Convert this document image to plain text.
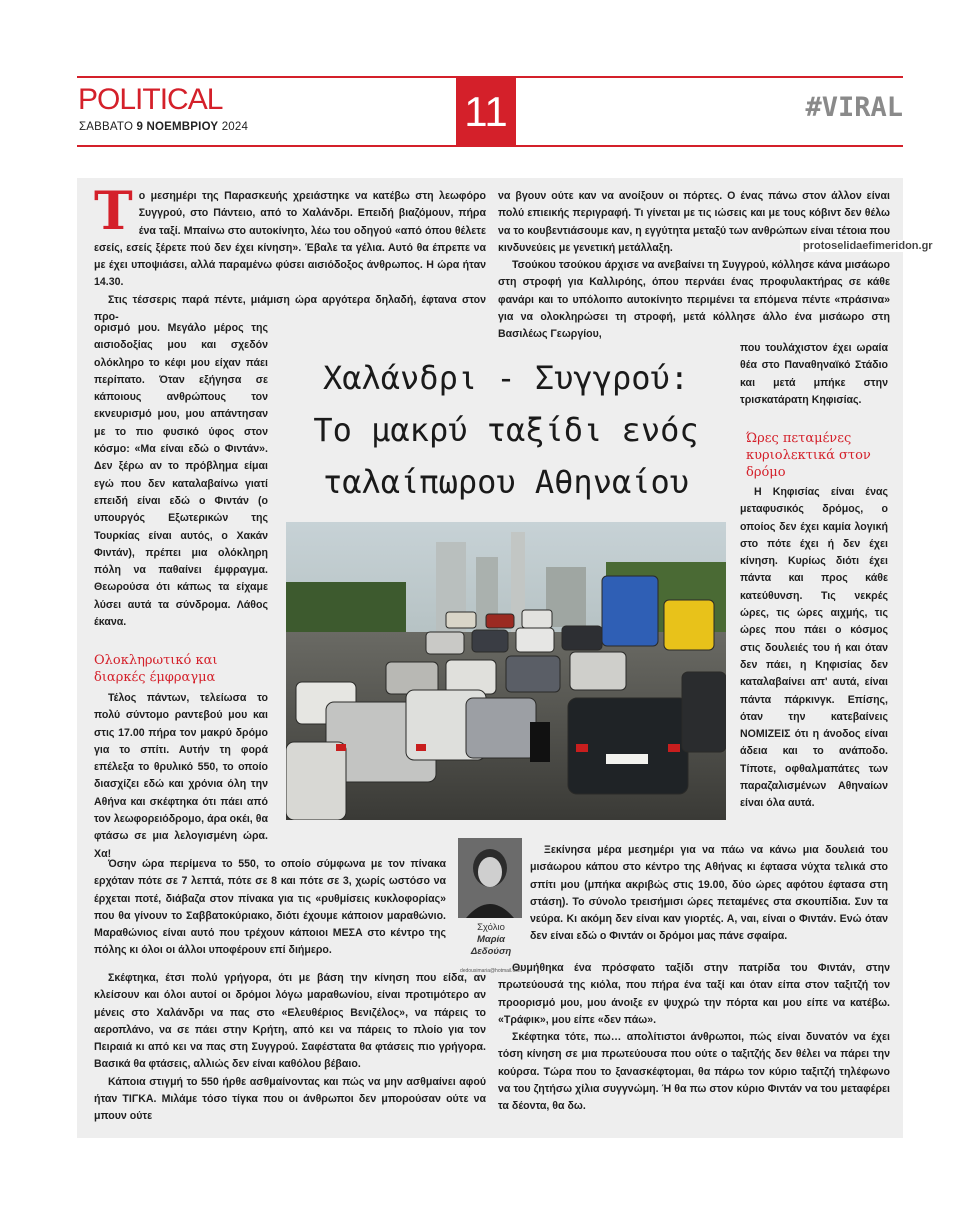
POLITICAL
ΣΑΒΒΑΤΟ 9 ΝΟΕΜΒΡΙΟΥ 2024	11	#VIRAL

Το μεσημέρι της Παρασκευής χρειάστηκε να κατέβω στη λεωφόρο Συγγρού, στο Πάντειο, από το Χαλάνδρι. Επειδή βιαζόμουν, πήρα ένα ταξί. Μπαίνω στο αυτοκίνητο, λέω του οδηγού «από όπου θέλετε εσείς, εσείς ξέρετε πού δεν έχει κίνηση». Έβαλε τα γέλια. Αυτό θα έπρεπε να με έχει υποψιάσει, αλλά παραμένω φύσει αισιόδοξος άνθρωπος. Η ώρα ήταν 14.30.

Στις τέσσερις παρά πέντε, μιάμιση ώρα αργότερα δηλαδή, έφτανα στον προ-

ορισμό μου. Μεγάλο μέρος της αισιοδοξίας μου και σχεδόν ολόκληρο το κέφι μου είχαν πάει περίπατο. Όταν εξήγησα σε κάποιους ανθρώπους τον εκνευρισμό μου, μου απάντησαν με το πιο φυσικό ύφος στον κόσμο: «Μα είναι εδώ ο Φιντάν». Δεν ξέρω αν το πρόβλημα είμαι εγώ που δεν καταλαβαίνω γιατί επειδή είναι εδώ ο Φιντάν (ο υπουργός Εξωτερικών της Τουρκίας είναι αυτός, ο Χακάν Φιντάν), πρέπει μια ολόκληρη πόλη να παθαίνει έμφραγμα. Θεωρούσα ότι κάπως τα είχαμε λύσει αυτά τα σύνδρομα. Λάθος έκανα.

Ολοκληρωτικό και διαρκές έμφραγμα

Τέλος πάντων, τελείωσα το πολύ σύντομο ραντεβού μου και στις 17.00 πήρα τον μακρύ δρόμο για το σπίτι. Αυτήν τη φορά επέλεξα το θρυλικό 550, το οποίο διασχίζει εδώ και χρόνια όλη την Αθήνα και σκέφτηκα ότι πάει από τον λεωφορειόδρομο, άρα οκέι, θα φτάσω σε μια λελογισμένη ώρα. Χα!

Όσην ώρα περίμενα το 550, το οποίο σύμφωνα με τον πίνακα ερχόταν πότε σε 7 λεπτά, πότε σε 8 και πότε σε 3, χωρίς ωστόσο να έρχεται ποτέ, διάβαζα στον πίνακα για τις «ρυθμίσεις κυκλοφορίας» που θα γίνουν το Σαββατοκύριακο, διότι έχουμε κάποιον μαραθώνιο. Μαραθώνιος είναι αυτό που τρέχουν κάποιοι ΜΕΣΑ στο κέντρο της πόλης κι όλοι οι άλλοι υποφέρουν επί διήμερο.

Σκέφτηκα, έτσι πολύ γρήγορα, ότι με βάση την κίνηση που είδα, αν κλείσουν και όλοι αυτοί οι δρόμοι λόγω μαραθωνίου, είναι προτιμότερο αν μένεις στο Χαλάνδρι να πας στο «Ελευθέριος Βενιζέλος», να πάρεις το αεροπλάνο, να σε πάει στην Κρήτη, από κει να πάρεις το πλοίο για τον Πειραιά κι από κει να πας στη Συγγρού. Σαφέστατα θα φτάσεις πιο γρήγορα. Βασικά θα φτάσεις, αλλιώς δεν είναι καθόλου βέβαιο.

Κάποια στιγμή το 550 ήρθε ασθμαίνοντας και πώς να μην ασθμαίνει αφού ήταν ΤΙΓΚΑ. Μιλάμε τόσο τίγκα που οι άνθρωποι δεν μπορούσαν ούτε να μπουν ούτε

να βγουν ούτε καν να ανοίξουν οι πόρτες. Ο ένας πάνω στον άλλον είναι πολύ επιεικής περιγραφή. Τι γίνεται με τις ιώσεις και με τους κόβιντ δεν θέλω να το κουβεντιάσουμε καν, η εγγύτητα μεταξύ των ανθρώπων είναι τέτοια που κινδυνεύεις με γενετική μετάλλαξη.

Τσούκου τσούκου άρχισε να ανεβαίνει τη Συγγρού, κόλλησε κάνα μισάωρο στη στροφή για Καλλιρόης, όπου περνάει ένας προφυλακτήρας σε κάθε φανάρι και το υπόλοιπο αυτοκίνητο περιμένει τα επόμενα πέντε «πράσινα» για να ολοκληρώσει τη στροφή, μετά κόλλησε άλλο ένα μισάωρο στη Βασιλέως Γεωργίου,

που τουλάχιστον έχει ωραία θέα στο Παναθηναϊκό Στάδιο και μετά μπήκε στην τρισκατάρατη Κηφισίας.

Ώρες πεταμένες κυριολεκτικά στον δρόμο

Η Κηφισίας είναι ένας μεταφυσικός δρόμος, ο οποίος δεν έχει καμία λογική στο πότε έχει ή δεν έχει κίνηση. Κυρίως διότι έχει πάντα και προς κάθε κατεύθυνση. Τις νεκρές ώρες, τις ώρες αιχμής, τις ώρες που πάει ο κόσμος στις δουλειές του ή και όταν δεν πάει, η Κηφισίας δεν καταλαβαίνει απ' αυτά, είναι πάντα πάρκινγκ. Επίσης, όταν την κατεβαίνεις ΝΟΜΙΖΕΙΣ ότι η άνοδος είναι άδεια και το ανάποδο. Τίποτε, οφθαλμαπάτες των παραζαλισμένων Αθηναίων είναι όλα αυτά.

Ξεκίνησα μέρα μεσημέρι για να πάω να κάνω μια δουλειά του μισάωρου κάπου στο κέντρο της Αθήνας κι έφτασα νύχτα τελικά στο σπίτι μου (μπήκα ακριβώς στις 19.00, δύο ώρες αφότου έφτασα στη στάση). Το σύνολο τρεισήμισι ώρες πεταμένες στα σκουπίδια. Συν τα νεύρα. Κι ακόμη δεν είναι καν γιορτές. Α, ναι, είναι ο Φιντάν. Ενώ όταν δεν είναι εδώ ο Φιντάν οι δρόμοι μας πάνε σφαίρα.

Θυμήθηκα ένα πρόσφατο ταξίδι στην πατρίδα του Φιντάν, στην πρωτεύουσά της κιόλα, που πήρα ένα ταξί και όταν είπα στον ταξιτζή τον προορισμό μου, μου άνοιξε εν ψυχρώ την πόρτα και μου είπε να κατέβω. «Τράφικ», μου είπε «δεν πάω».

Σκέφτηκα τότε, πω… απολίτιστοι άνθρωποι, πώς είναι δυνατόν να έχει τόση κίνηση σε μια πρωτεύουσα που ούτε ο ταξιτζής δεν θέλει να πάρει την κούρσα. Τώρα που το ξανασκέφτομαι, θα πάρω τον κύριο ταξιτζή τηλέφωνο να του ζητήσω χίλια συγγνώμη. Ή θα πω στον κύριο Φιντάν να του μεταφέρει τα δέοντα, θα δω.

Χαλάνδρι - Συγγρού:
Το μακρύ ταξίδι ενός
ταλαίπωρου Αθηναίου
Σχόλιο
Μαρία
Δεδούση
dedousimaria@hotmail.com
protoselidaefimeridon.gr
